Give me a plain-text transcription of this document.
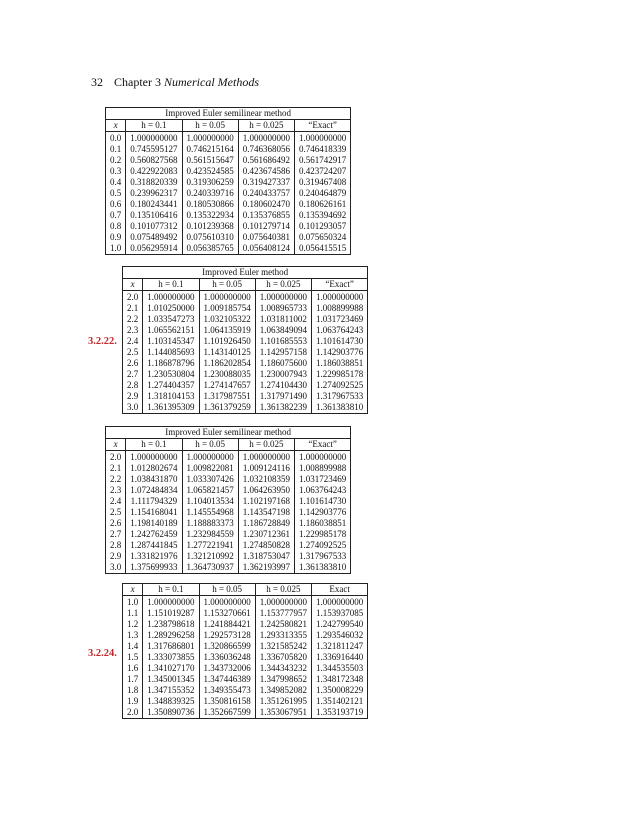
32 Chapter 3 Numerical Methods
Improved Euler semilinear method				
x	h = 0.1	h = 0.05	h = 0.025	“Exact”
0.0	1.000000000	1.000000000	1.000000000	1.000000000
0.1	0.745595127	0.746215164	0.746368056	0.746418339
0.2	0.560827568	0.561515647	0.561686492	0.561742917
0.3	0.422922083	0.423524585	0.423674586	0.423724207
0.4	0.318820339	0.319306259	0.319427337	0.319467408
0.5	0.239962317	0.240339716	0.240433757	0.240464879
0.6	0.180243441	0.180530866	0.180602470	0.180626161
0.7	0.135106416	0.135322934	0.135376855	0.135394692
0.8	0.101077312	0.101239368	0.101279714	0.101293057
0.9	0.075489492	0.075610310	0.075640381	0.075650324
1.0	0.056295914	0.056385765	0.056408124	0.056415515
Improved Euler method				
x	h = 0.1	h = 0.05	h = 0.025	“Exact”
2.0	1.000000000	1.000000000	1.000000000	1.000000000
2.1	1.010250000	1.009185754	1.008965733	1.008899988
2.2	1.033547273	1.032105322	1.031811002	1.031723469
2.3	1.065562151	1.064135919	1.063849094	1.063764243
2.4	1.103145347	1.101926450	1.101685553	1.101614730
2.5	1.144085693	1.143140125	1.142957158	1.142903776
2.6	1.186878796	1.186202854	1.186075600	1.186038851
2.7	1.230530804	1.230088035	1.230007943	1.229985178
2.8	1.274404357	1.274147657	1.274104430	1.274092525
2.9	1.318104153	1.317987551	1.317971490	1.317967533
3.0	1.361395309	1.361379259	1.361382239	1.361383810
Improved Euler semilinear method				
x	h = 0.1	h = 0.05	h = 0.025	“Exact”
2.0	1.000000000	1.000000000	1.000000000	1.000000000
2.1	1.012802674	1.009822081	1.009124116	1.008899988
2.2	1.038431870	1.033307426	1.032108359	1.031723469
2.3	1.072484834	1.065821457	1.064263950	1.063764243
2.4	1.111794329	1.104013534	1.102197168	1.101614730
2.5	1.154168041	1.145554968	1.143547198	1.142903776
2.6	1.198140189	1.188883373	1.186728849	1.186038851
2.7	1.242762459	1.232984559	1.230712361	1.229985178
2.8	1.287441845	1.277221941	1.274850828	1.274092525
2.9	1.331821976	1.321210992	1.318753047	1.317967533
3.0	1.375699933	1.364730937	1.362193997	1.361383810
x	h = 0.1	h = 0.05	h = 0.025	Exact
1.0	1.000000000	1.000000000	1.000000000	1.000000000
1.1	1.151019287	1.153270661	1.153777957	1.153937085
1.2	1.238798618	1.241884421	1.242580821	1.242799540
1.3	1.289296258	1.292573128	1.293313355	1.293546032
1.4	1.317686801	1.320866599	1.321585242	1.321811247
1.5	1.333073855	1.336036248	1.336705820	1.336916440
1.6	1.341027170	1.343732006	1.344343232	1.344535503
1.7	1.345001345	1.347446389	1.347998652	1.348172348
1.8	1.347155352	1.349355473	1.349852082	1.350008229
1.9	1.348839325	1.350816158	1.351261995	1.351402121
2.0	1.350890736	1.352667599	1.353067951	1.353193719
3.2.22.
3.2.24.
